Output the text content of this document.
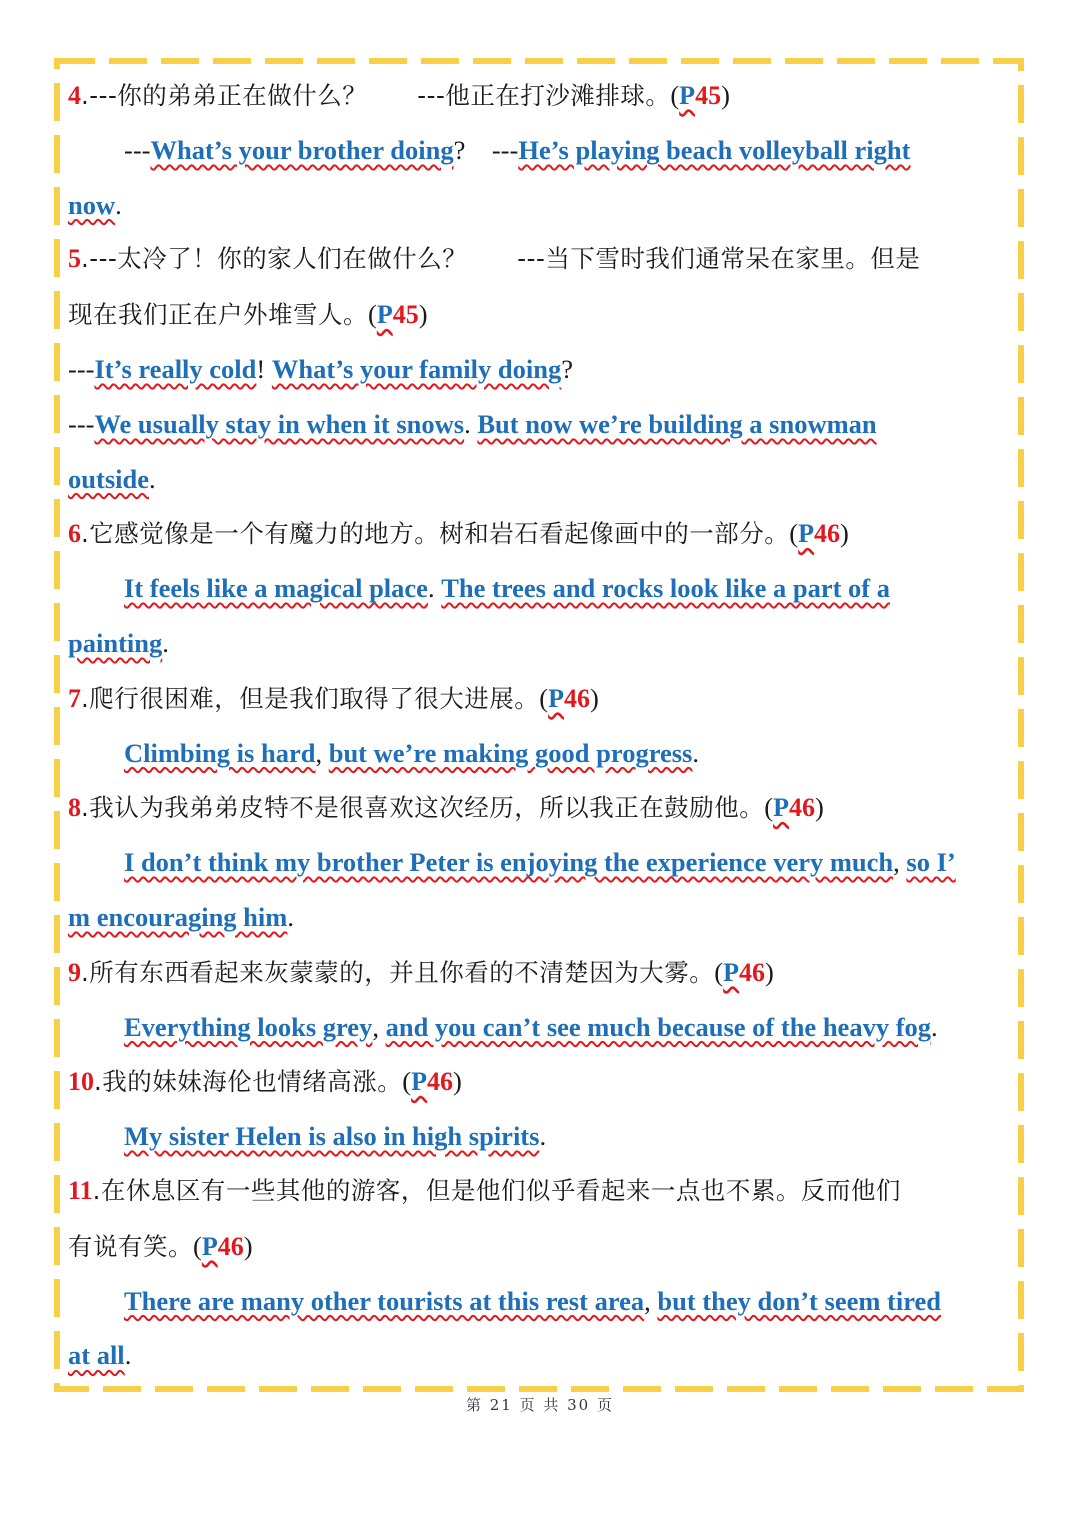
4.---你的弟弟正在做什么？　　---他正在打沙滩排球。(P45)
---What’s your brother doing?　---He’s playing beach volleyball right
now.
5.---太冷了！你的家人们在做什么？　　---当下雪时我们通常呆在家里。但是
现在我们正在户外堆雪人。(P45)
---It’s really cold! What’s your family doing?
---We usually stay in when it snows. But now we’re building a snowman
outside.
6.它感觉像是一个有魔力的地方。树和岩石看起像画中的一部分。(P46)
It feels like a magical place. The trees and rocks look like a part of a
painting.
7.爬行很困难，但是我们取得了很大进展。(P46)
Climbing is hard, but we’re making good progress.
8.我认为我弟弟皮特不是很喜欢这次经历，所以我正在鼓励他。(P46)
I don’t think my brother Peter is enjoying the experience very much, so I’
m encouraging him.
9.所有东西看起来灰蒙蒙的，并且你看的不清楚因为大雾。(P46)
Everything looks grey, and you can’t see much because of the heavy fog.
10.我的妹妹海伦也情绪高涨。(P46)
My sister Helen is also in high spirits.
11.在休息区有一些其他的游客，但是他们似乎看起来一点也不累。反而他们
有说有笑。(P46)
There are many other tourists at this rest area, but they don’t seem tired
at all.
第 21 页 共 30 页
